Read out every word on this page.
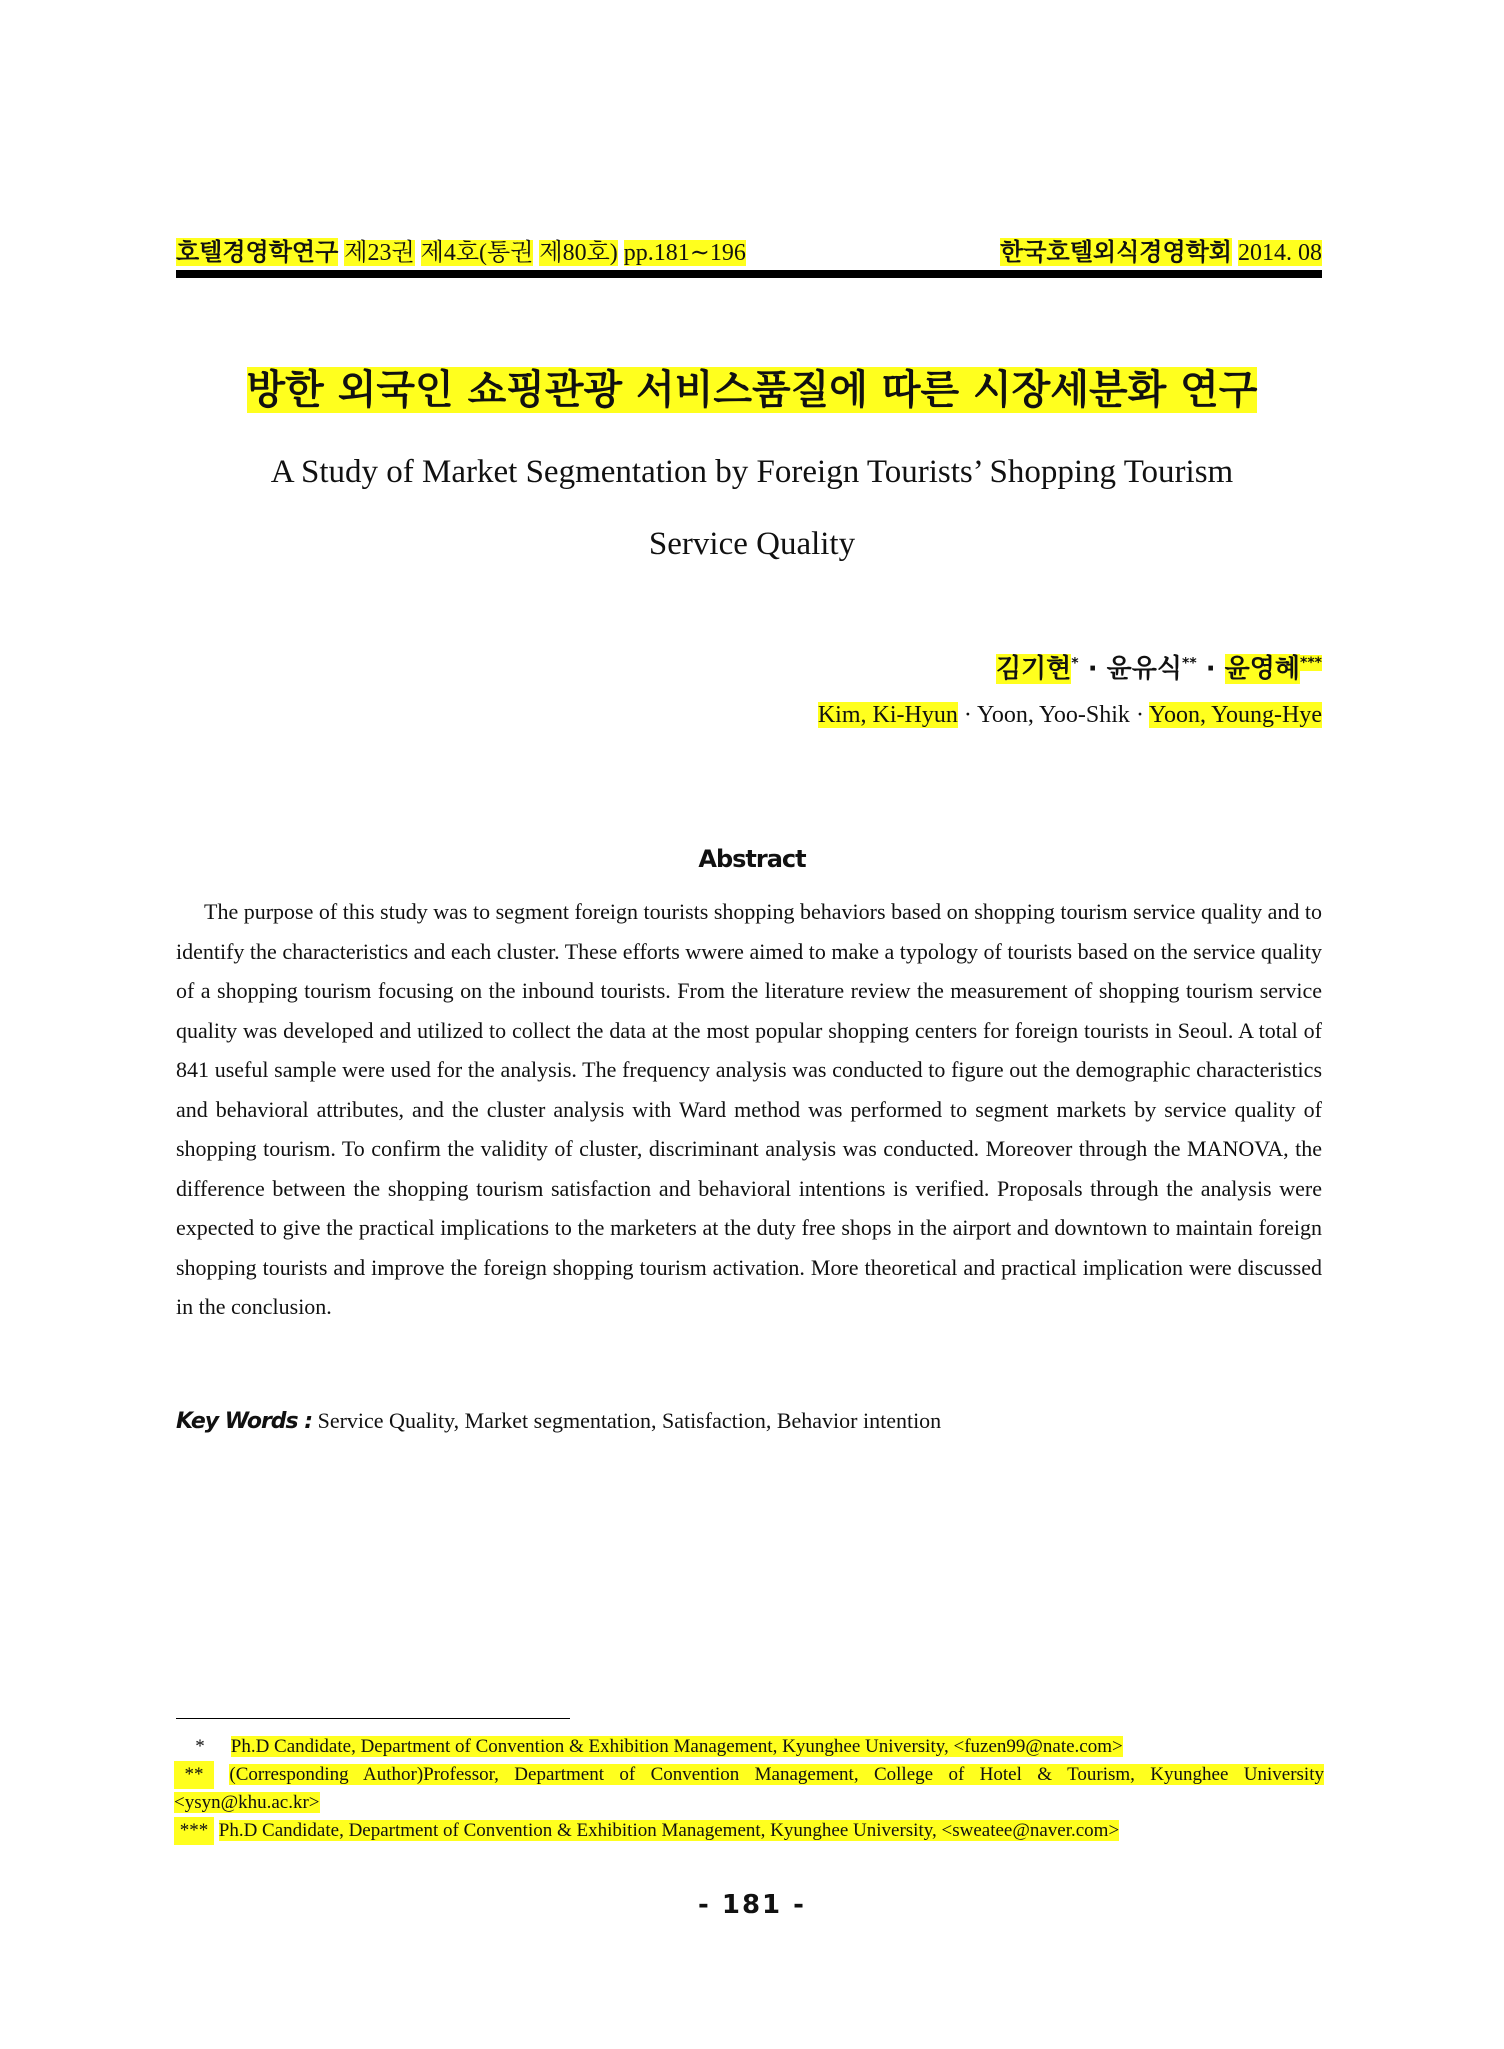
호텔경영학연구 제23권 제4호(통권 제80호) pp.181∼196	한국호텔외식경영학회 2014. 08
방한 외국인 쇼핑관광 서비스품질에 따른 시장세분화 연구
A Study of Market Segmentation by Foreign Tourists’ Shopping Tourism
Service Quality
김기현* · 윤유식** · 윤영혜***
Kim, Ki-Hyun · Yoon, Yoo-Shik · Yoon, Young-Hye
Abstract
The purpose of this study was to segment foreign tourists shopping behaviors based on shopping tourism service quality and to identify the characteristics and each cluster. These efforts wwere aimed to make a typology of tourists based on the service quality of a shopping tourism focusing on the inbound tourists. From the literature review the measurement of shopping tourism service quality was developed and utilized to collect the data at the most popular shopping centers for foreign tourists in Seoul. A total of 841 useful sample were used for the analysis. The frequency analysis was conducted to figure out the demographic characteristics and behavioral attributes, and the cluster analysis with Ward method was performed to segment markets by service quality of shopping tourism. To confirm the validity of cluster, discriminant analysis was conducted. Moreover through the MANOVA, the difference between the shopping tourism satisfaction and behavioral intentions is verified. Proposals through the analysis were expected to give the practical implications to the marketers at the duty free shops in the airport and downtown to maintain foreign shopping tourists and improve the foreign shopping tourism activation. More theoretical and practical implication were discussed in the conclusion.
Key Words : Service Quality, Market segmentation, Satisfaction, Behavior intention
* Ph.D Candidate, Department of Convention & Exhibition Management, Kyunghee University, <fuzen99@nate.com>
** (Corresponding Author)Professor, Department of Convention Management, College of Hotel & Tourism, Kyunghee University <ysyn@khu.ac.kr>
*** Ph.D Candidate, Department of Convention & Exhibition Management, Kyunghee University, <sweatee@naver.com>
- 181 -
